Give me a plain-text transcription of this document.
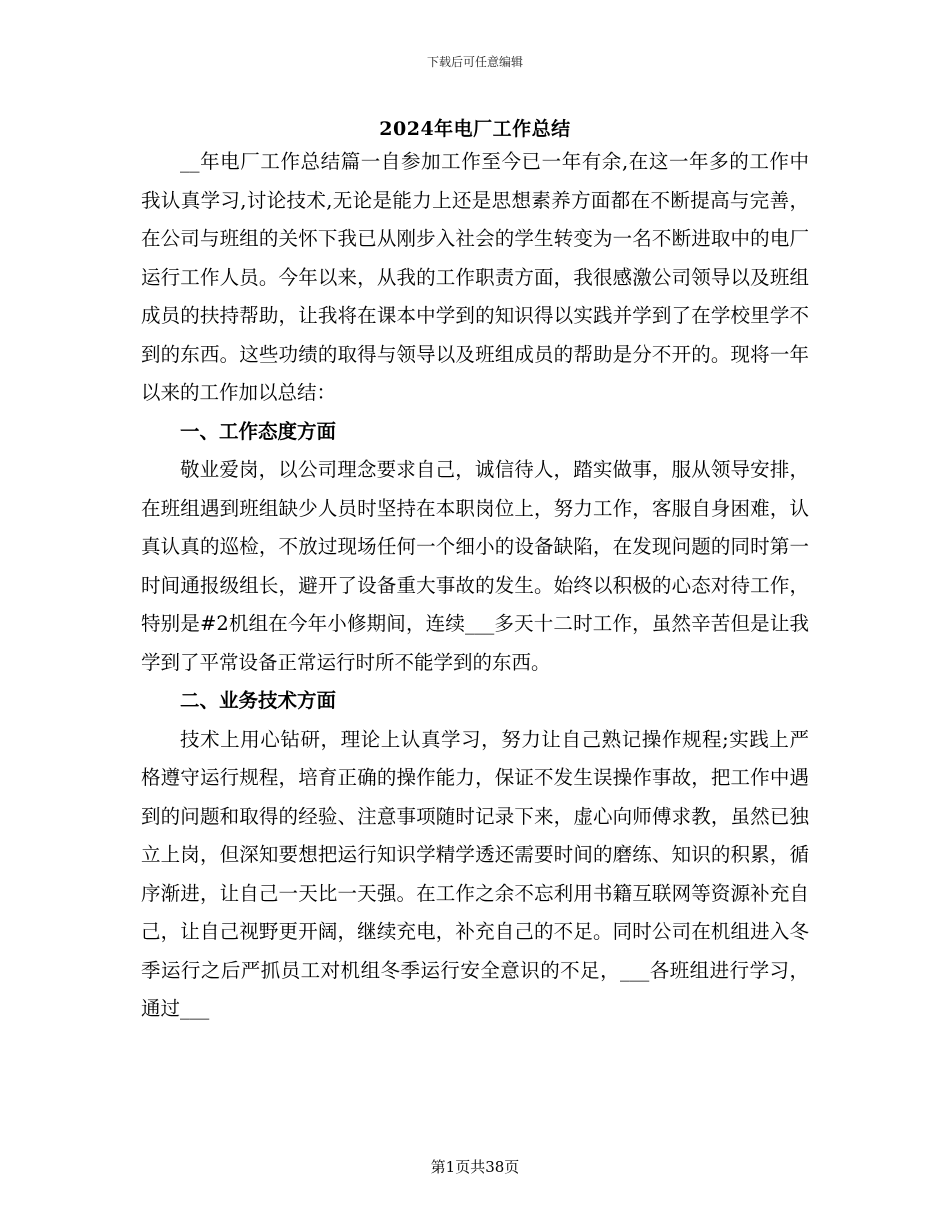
下载后可任意编辑
2024年电厂工作总结

__年电厂工作总结篇一自参加工作至今已一年有余,在这一年多的工作中我认真学习,讨论技术,无论是能力上还是思想素养方面都在不断提高与完善，在公司与班组的关怀下我已从刚步入社会的学生转变为一名不断进取中的电厂运行工作人员。今年以来，从我的工作职责方面，我很感激公司领导以及班组成员的扶持帮助，让我将在课本中学到的知识得以实践并学到了在学校里学不到的东西。这些功绩的取得与领导以及班组成员的帮助是分不开的。现将一年以来的工作加以总结：

一、工作态度方面

敬业爱岗，以公司理念要求自己，诚信待人，踏实做事，服从领导安排，在班组遇到班组缺少人员时坚持在本职岗位上，努力工作，客服自身困难，认真认真的巡检，不放过现场任何一个细小的设备缺陷，在发现问题的同时第一时间通报级组长，避开了设备重大事故的发生。始终以积极的心态对待工作，特别是#2机组在今年小修期间，连续___多天十二时工作，虽然辛苦但是让我学到了平常设备正常运行时所不能学到的东西。

二、业务技术方面

技术上用心钻研，理论上认真学习，努力让自己熟记操作规程;实践上严格遵守运行规程，培育正确的操作能力，保证不发生误操作事故，把工作中遇到的问题和取得的经验、注意事项随时记录下来，虚心向师傅求教，虽然已独立上岗，但深知要想把运行知识学精学透还需要时间的磨练、知识的积累，循序渐进，让自己一天比一天强。在工作之余不忘利用书籍互联网等资源补充自己，让自己视野更开阔，继续充电，补充自己的不足。同时公司在机组进入冬季运行之后严抓员工对机组冬季运行安全意识的不足，___各班组进行学习，通过___

第1页共38页
